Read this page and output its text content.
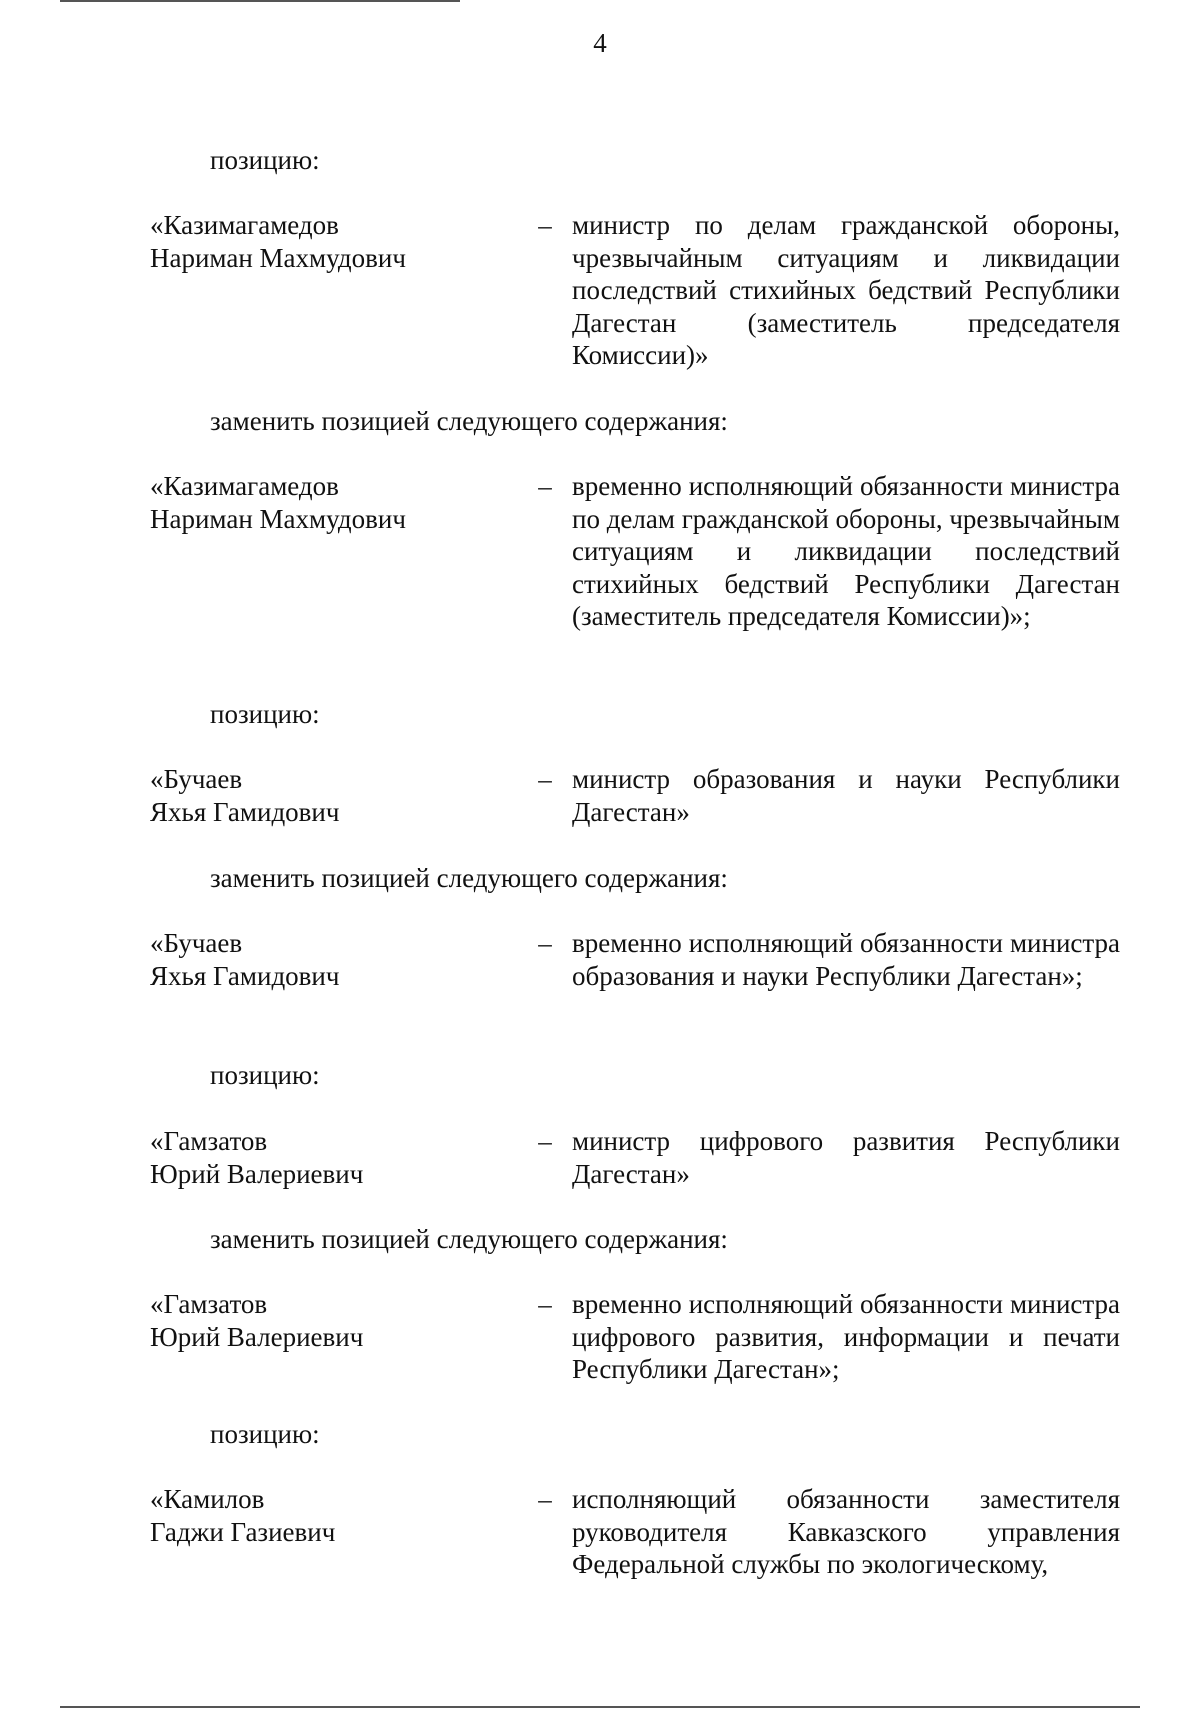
4
позицию:
«Казимагамедов
Нариман Махмудович
– министр по делам гражданской обороны, чрезвычайным ситуациям и ликвидации последствий стихийных бедствий Республики Дагестан (заместитель председателя Комиссии)»
заменить позицией следующего содержания:
«Казимагамедов
Нариман Махмудович
– временно исполняющий обязанности министра по делам гражданской обороны, чрезвычайным ситуациям и ликвидации последствий стихийных бедствий Республики Дагестан (заместитель председателя Комиссии)»;
позицию:
«Бучаев
Яхья Гамидович
– министр образования и науки Республики Дагестан»
заменить позицией следующего содержания:
«Бучаев
Яхья Гамидович
– временно исполняющий обязанности министра образования и науки Республики Дагестан»;
позицию:
«Гамзатов
Юрий Валериевич
– министр цифрового развития Республики Дагестан»
заменить позицией следующего содержания:
«Гамзатов
Юрий Валериевич
– временно исполняющий обязанности министра цифрового развития, информации и печати Республики Дагестан»;
позицию:
«Камилов
Гаджи Газиевич
– исполняющий обязанности заместителя руководителя Кавказского управления Федеральной службы по экологическому,
